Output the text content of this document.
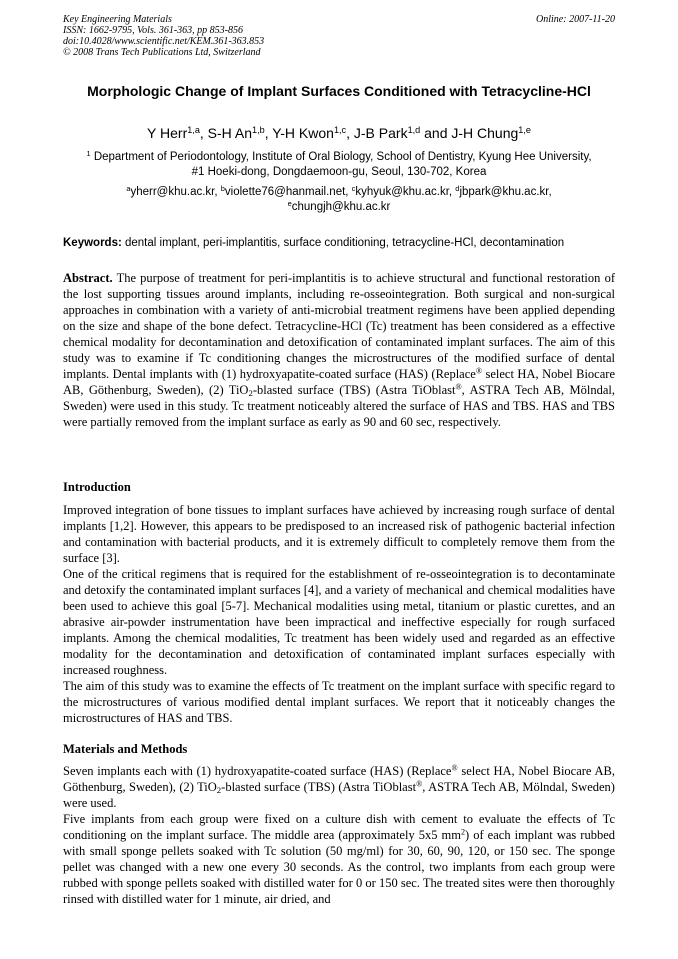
Key Engineering Materials
ISSN: 1662-9795, Vols. 361-363, pp 853-856
doi:10.4028/www.scientific.net/KEM.361-363.853
© 2008 Trans Tech Publications Ltd, Switzerland
Online: 2007-11-20
Morphologic Change of Implant Surfaces Conditioned with Tetracycline-HCl
Y Herr$^{1,a}$, S-H An$^{1,b}$, Y-H Kwon$^{1,c}$, J-B Park$^{1,d}$ and J-H Chung$^{1,e}$
$^1$ Department of Periodontology, Institute of Oral Biology, School of Dentistry, Kyung Hee University, #1 Hoeki-dong, Dongdaemoon-gu, Seoul, 130-702, Korea
$^a$yherr@khu.ac.kr, $^b$violette76@hanmail.net, $^c$kyhyuk@khu.ac.kr, $^d$jbpark@khu.ac.kr,
$^e$chungjh@khu.ac.kr
Keywords: dental implant, peri-implantitis, surface conditioning, tetracycline-HCl, decontamination
Abstract. The purpose of treatment for peri-implantitis is to achieve structural and functional restoration of the lost supporting tissues around implants, including re-osseointegration. Both surgical and non-surgical approaches in combination with a variety of anti-microbial treatment regimens have been applied depending on the size and shape of the bone defect. Tetracycline-HCl (Tc) treatment has been considered as a effective chemical modality for decontamination and detoxification of contaminated implant surfaces. The aim of this study was to examine if Tc conditioning changes the microstructures of the modified surface of dental implants. Dental implants with (1) hydroxyapatite-coated surface (HAS) (Replace® select HA, Nobel Biocare AB, Göthenburg, Sweden), (2) TiO$_2$-blasted surface (TBS) (Astra TiOblast®, ASTRA Tech AB, Mölndal, Sweden) were used in this study. Tc treatment noticeably altered the surface of HAS and TBS. HAS and TBS were partially removed from the implant surface as early as 90 and 60 sec, respectively.
Introduction

Improved integration of bone tissues to implant surfaces have achieved by increasing rough surface of dental implants [1,2]. However, this appears to be predisposed to an increased risk of pathogenic bacterial infection and contamination with bacterial products, and it is extremely difficult to completely remove them from the surface [3].

One of the critical regimens that is required for the establishment of re-osseointegration is to decontaminate and detoxify the contaminated implant surfaces [4], and a variety of mechanical and chemical modalities have been used to achieve this goal [5-7]. Mechanical modalities using metal, titanium or plastic curettes, and an abrasive air-powder instrumentation have been impractical and ineffective especially for rough surfaced implants. Among the chemical modalities, Tc treatment has been widely used and regarded as an effective modality for the decontamination and detoxification of contaminated implant surfaces especially with increased roughness.

The aim of this study was to examine the effects of Tc treatment on the implant surface with specific regard to the microstructures of various modified dental implant surfaces. We report that it noticeably changes the microstructures of HAS and TBS.

Materials and Methods

Seven implants each with (1) hydroxyapatite-coated surface (HAS) (Replace® select HA, Nobel Biocare AB, Göthenburg, Sweden), (2) TiO$_2$-blasted surface (TBS) (Astra TiOblast®, ASTRA Tech AB, Mölndal, Sweden) were used.

Five implants from each group were fixed on a culture dish with cement to evaluate the effects of Tc conditioning on the implant surface. The middle area (approximately 5x5 $mm^2$) of each implant was rubbed with small sponge pellets soaked with Tc solution (50 mg/ml) for 30, 60, 90, 120, or 150 sec. The sponge pellet was changed with a new one every 30 seconds. As the control, two implants from each group were rubbed with sponge pellets soaked with distilled water for 0 or 150 sec. The treated sites were then thoroughly rinsed with distilled water for 1 minute, air dried, and
